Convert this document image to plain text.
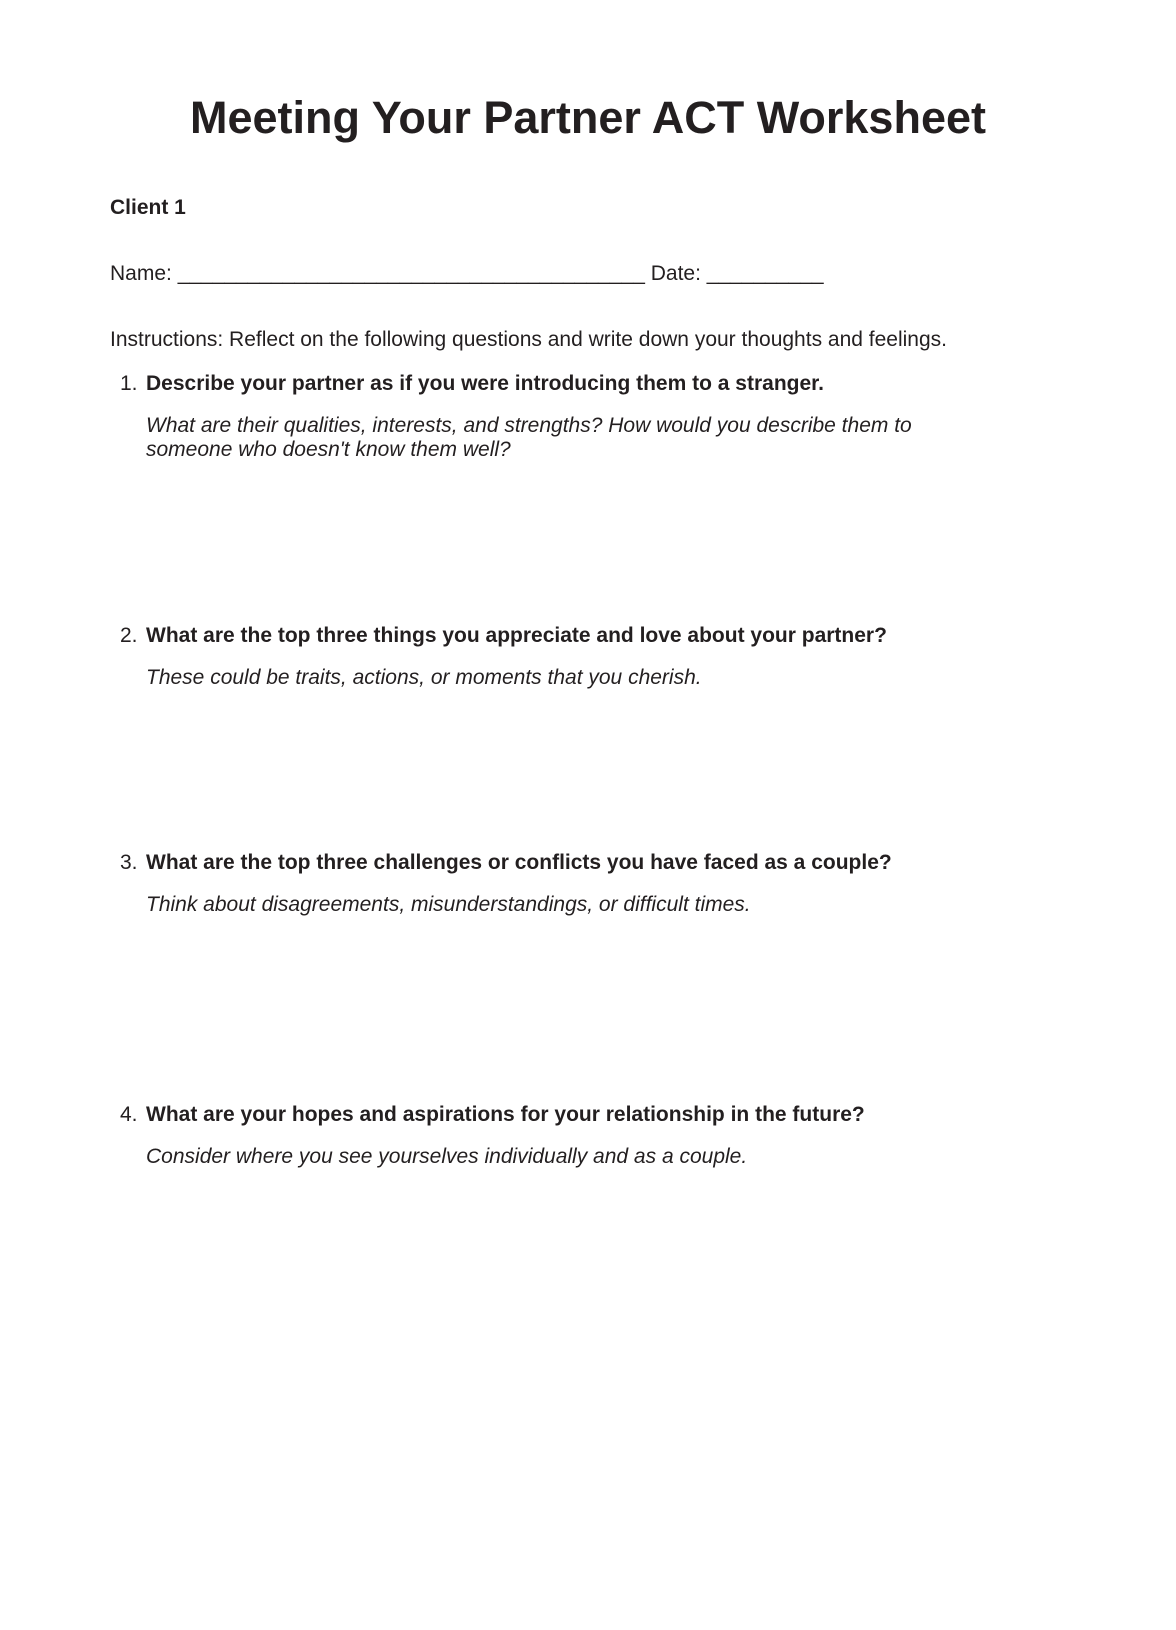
Meeting Your Partner ACT Worksheet
Client 1
Name: ________________________________________ Date: __________
Instructions: Reflect on the following questions and write down your thoughts and feelings.
1. Describe your partner as if you were introducing them to a stranger.
What are their qualities, interests, and strengths? How would you describe them to someone who doesn't know them well?
2. What are the top three things you appreciate and love about your partner?
These could be traits, actions, or moments that you cherish.
3. What are the top three challenges or conflicts you have faced as a couple?
Think about disagreements, misunderstandings, or difficult times.
4. What are your hopes and aspirations for your relationship in the future?
Consider where you see yourselves individually and as a couple.
